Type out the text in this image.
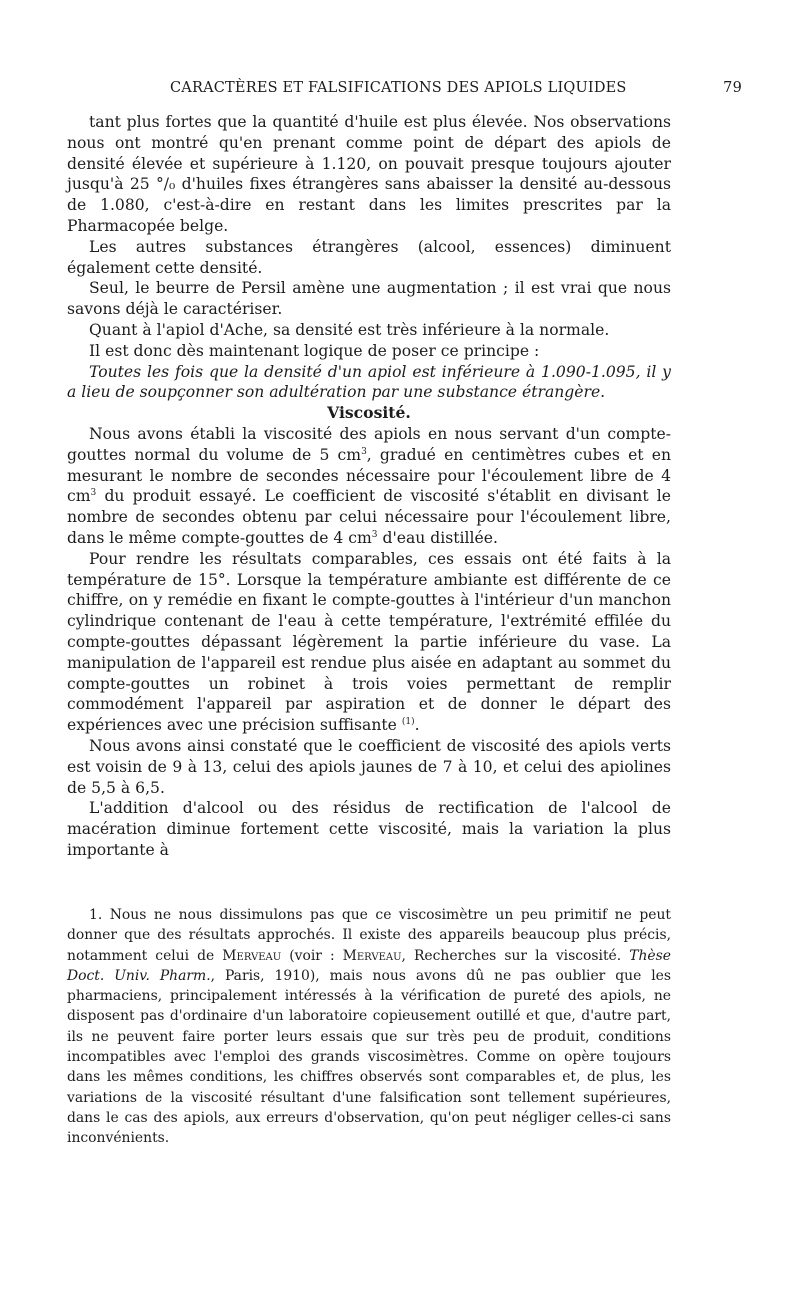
CARACTÈRES ET FALSIFICATIONS DES APIOLS LIQUIDES	79

tant plus fortes que la quantité d'huile est plus élevée. Nos observations nous ont montré qu'en prenant comme point de départ des apiols de densité élevée et supérieure à 1.120, on pouvait presque toujours ajouter jusqu'à 25 °/₀ d'huiles fixes étrangères sans abaisser la densité au-dessous de 1.080, c'est-à-dire en restant dans les limites prescrites par la Pharmacopée belge.

Les autres substances étrangères (alcool, essences) diminuent également cette densité.

Seul, le beurre de Persil amène une augmentation ; il est vrai que nous savons déjà le caractériser.

Quant à l'apiol d'Ache, sa densité est très inférieure à la normale.

Il est donc dès maintenant logique de poser ce principe :

Toutes les fois que la densité d'un apiol est inférieure à 1.090-1.095, il y a lieu de soupçonner son adultération par une substance étrangère.

Viscosité.

Nous avons établi la viscosité des apiols en nous servant d'un compte-gouttes normal du volume de 5 $cm^3$, gradué en centimètres cubes et en mesurant le nombre de secondes nécessaire pour l'écoulement libre de 4 $cm^3$ du produit essayé. Le coefficient de viscosité s'établit en divisant le nombre de secondes obtenu par celui nécessaire pour l'écoulement libre, dans le même compte-gouttes de 4 $cm^3$ d'eau distillée.

Pour rendre les résultats comparables, ces essais ont été faits à la température de 15°. Lorsque la température ambiante est différente de ce chiffre, on y remédie en fixant le compte-gouttes à l'intérieur d'un manchon cylindrique contenant de l'eau à cette température, l'extrémité effilée du compte-gouttes dépassant légèrement la partie inférieure du vase. La manipulation de l'appareil est rendue plus aisée en adaptant au sommet du compte-gouttes un robinet à trois voies permettant de remplir commodément l'appareil par aspiration et de donner le départ des expériences avec une précision suffisante $^{(1)}$.

Nous avons ainsi constaté que le coefficient de viscosité des apiols verts est voisin de 9 à 13, celui des apiols jaunes de 7 à 10, et celui des apiolines de 5,5 à 6,5.

L'addition d'alcool ou des résidus de rectification de l'alcool de macération diminue fortement cette viscosité, mais la variation la plus importante à

1. Nous ne nous dissimulons pas que ce viscosimètre un peu primitif ne peut donner que des résultats approchés. Il existe des appareils beaucoup plus précis, notamment celui de Merveau (voir : Merveau, Recherches sur la viscosité. Thèse Doct. Univ. Pharm., Paris, 1910), mais nous avons dû ne pas oublier que les pharmaciens, principalement intéressés à la vérification de pureté des apiols, ne disposent pas d'ordinaire d'un laboratoire copieusement outillé et que, d'autre part, ils ne peuvent faire porter leurs essais que sur très peu de produit, conditions incompatibles avec l'emploi des grands viscosimètres. Comme on opère toujours dans les mêmes conditions, les chiffres observés sont comparables et, de plus, les variations de la viscosité résultant d'une falsification sont tellement supérieures, dans le cas des apiols, aux erreurs d'observation, qu'on peut négliger celles-ci sans inconvénients.
